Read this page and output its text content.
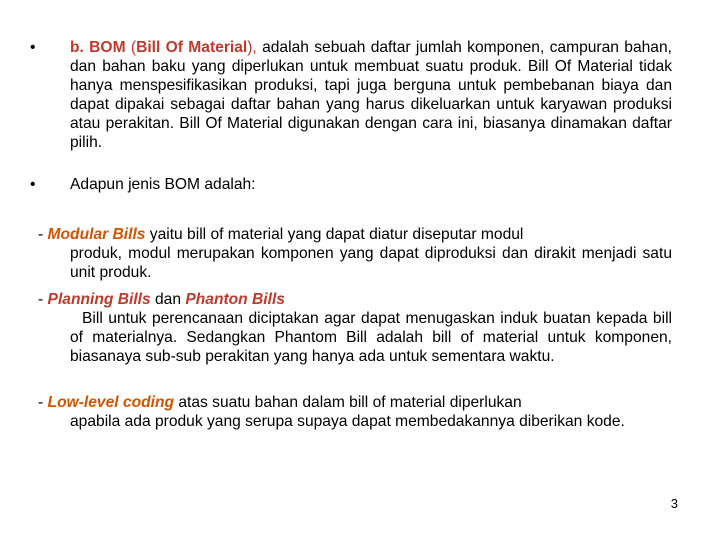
• b. BOM (Bill Of Material), adalah sebuah daftar jumlah komponen, campuran bahan, dan bahan baku yang diperlukan untuk membuat suatu produk. Bill Of Material tidak hanya menspesifikasikan produksi, tapi juga berguna untuk pembebanan biaya dan dapat dipakai sebagai daftar bahan yang harus dikeluarkan untuk karyawan produksi atau perakitan. Bill Of Material digunakan dengan cara ini, biasanya dinamakan daftar pilih.
• Adapun jenis BOM adalah:
- Modular Bills yaitu bill of material yang dapat diatur diseputar modul
produk, modul merupakan komponen yang dapat diproduksi dan dirakit menjadi satu unit produk.
- Planning Bills dan Phanton Bills
Bill untuk perencanaan diciptakan agar dapat menugaskan induk buatan kepada bill of materialnya. Sedangkan Phantom Bill adalah bill of material untuk komponen, biasanaya sub-sub perakitan yang hanya ada untuk sementara waktu.
- Low-level coding atas suatu bahan dalam bill of material diperlukan
apabila ada produk yang serupa supaya dapat membedakannya diberikan kode.
3
